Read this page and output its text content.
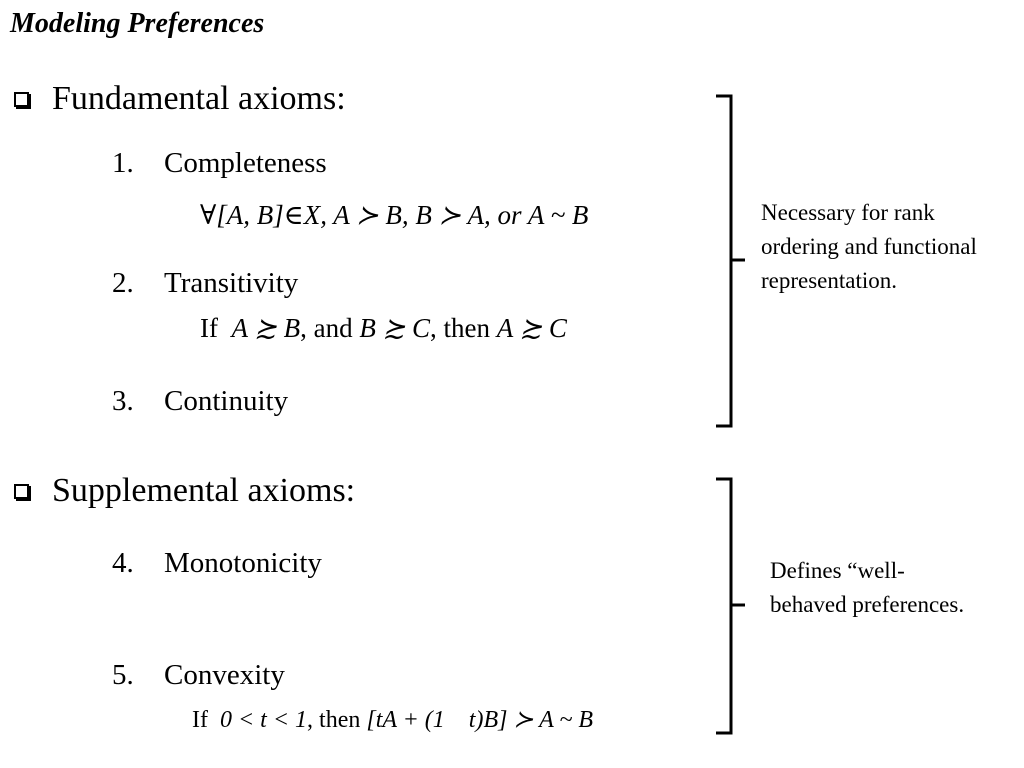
Modeling Preferences
Fundamental axioms:
1. Completeness
∀[A, B]∈X, A ≻ B, B ≻ A, or A ~ B
2. Transitivity
If A ≿ B, and B ≿ C, then A ≿ C
3. Continuity
Necessary for rank ordering and functional representation.
Supplemental axioms:
4. Monotonicity
5. Convexity
If 0 < t < 1, then [tA + (1    t)B] ≻ A ~ B
Defines “well-behaved preferences.
